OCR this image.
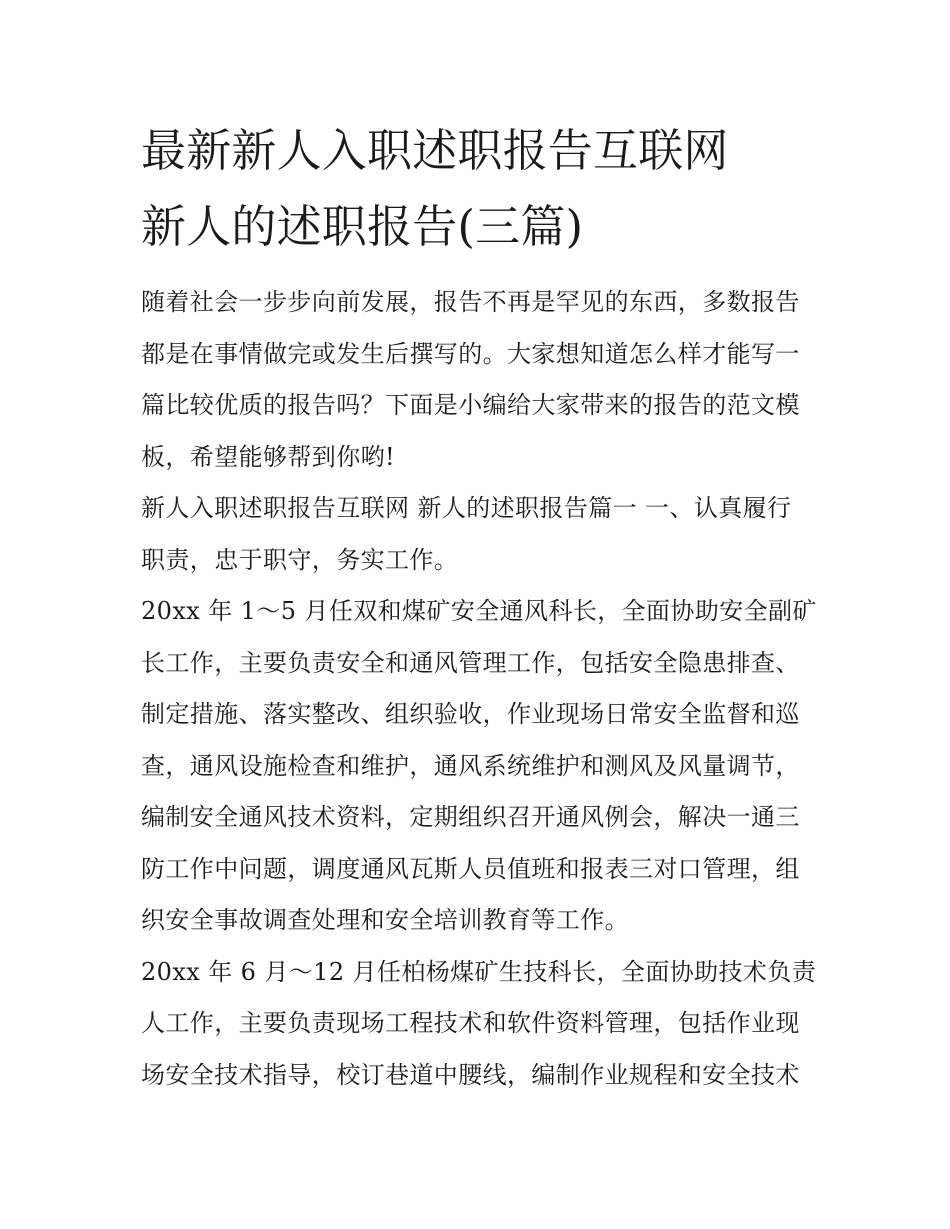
最新新人入职述职报告互联网
新人的述职报告(三篇)

随着社会一步步向前发展，报告不再是罕见的东西，多数报告
都是在事情做完或发生后撰写的。大家想知道怎么样才能写一
篇比较优质的报告吗？下面是小编给大家带来的报告的范文模
板，希望能够帮到你哟!

新人入职述职报告互联网 新人的述职报告篇一 一、认真履行
职责，忠于职守，务实工作。

20xx 年 1～5 月任双和煤矿安全通风科长，全面协助安全副矿
长工作，主要负责安全和通风管理工作，包括安全隐患排查、
制定措施、落实整改、组织验收，作业现场日常安全监督和巡
查，通风设施检查和维护，通风系统维护和测风及风量调节，
编制安全通风技术资料，定期组织召开通风例会，解决一通三
防工作中问题，调度通风瓦斯人员值班和报表三对口管理，组
织安全事故调查处理和安全培训教育等工作。

20xx 年 6 月～12 月任柏杨煤矿生技科长，全面协助技术负责
人工作，主要负责现场工程技术和软件资料管理，包括作业现
场安全技术指导，校订巷道中腰线，编制作业规程和安全技术
